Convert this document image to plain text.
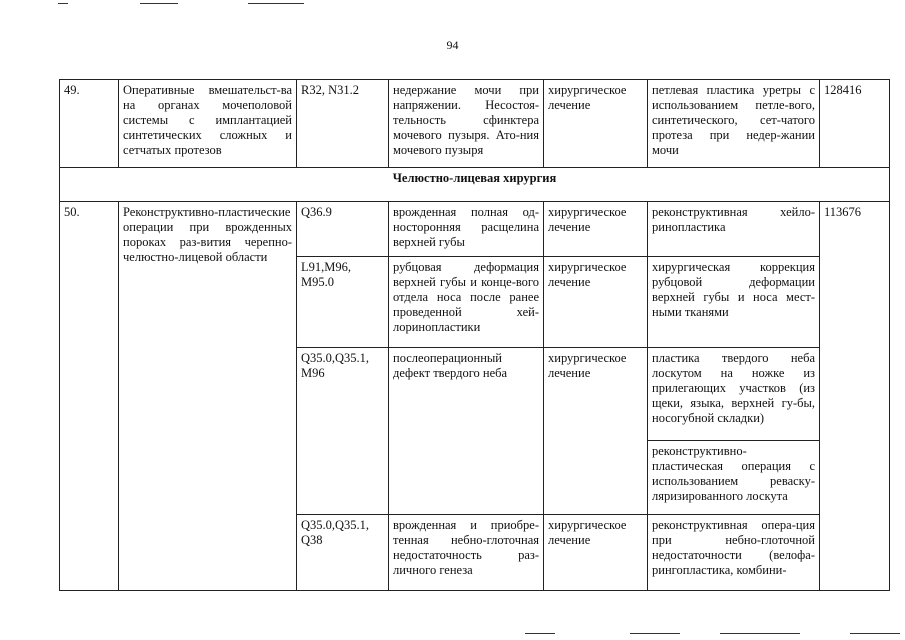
94
49.	Оперативные вмешательст-ва на органах мочеполовой системы с имплантацией синтетических сложных и сетчатых протезов	R32, N31.2	недержание мочи при напряжении. Несостоя-тельность сфинктера мочевого пузыря. Ато-ния мочевого пузыря	хирургическое лечение	петлевая пластика уретры с использованием петле-вого, синтетического, сет-чатого протеза при недер-жании мочи	128416
Челюстно-лицевая хирургия						
50.	Реконструктивно-пластические операции при врожденных пороках раз-вития черепно-челюстно-лицевой области	Q36.9	врожденная полная од-носторонняя расщелина верхней губы	хирургическое лечение	реконструктивная хейло-ринопластика	113676
		L91,M96, M95.0	рубцовая деформация верхней губы и конце-вого отдела носа после ранее проведенной хей-лоринопластики	хирургическое лечение	хирургическая коррекция рубцовой деформации верхней губы и носа мест-ными тканями	
		Q35.0,Q35.1, M96	послеоперационный дефект твердого неба	хирургическое лечение	пластика твердого неба лоскутом на ножке из прилегающих участков (из щеки, языка, верхней гу-бы, носогубной складки)	
					реконструктивно-пластическая операция с использованием реваску-ляризированного лоскута	
		Q35.0,Q35.1, Q38	врожденная и приобре-тенная небно-глоточная недостаточность раз-личного генеза	хирургическое лечение	реконструктивная опера-ция при небно-глоточной недостаточности (велофа-рингопластика, комбини-	
